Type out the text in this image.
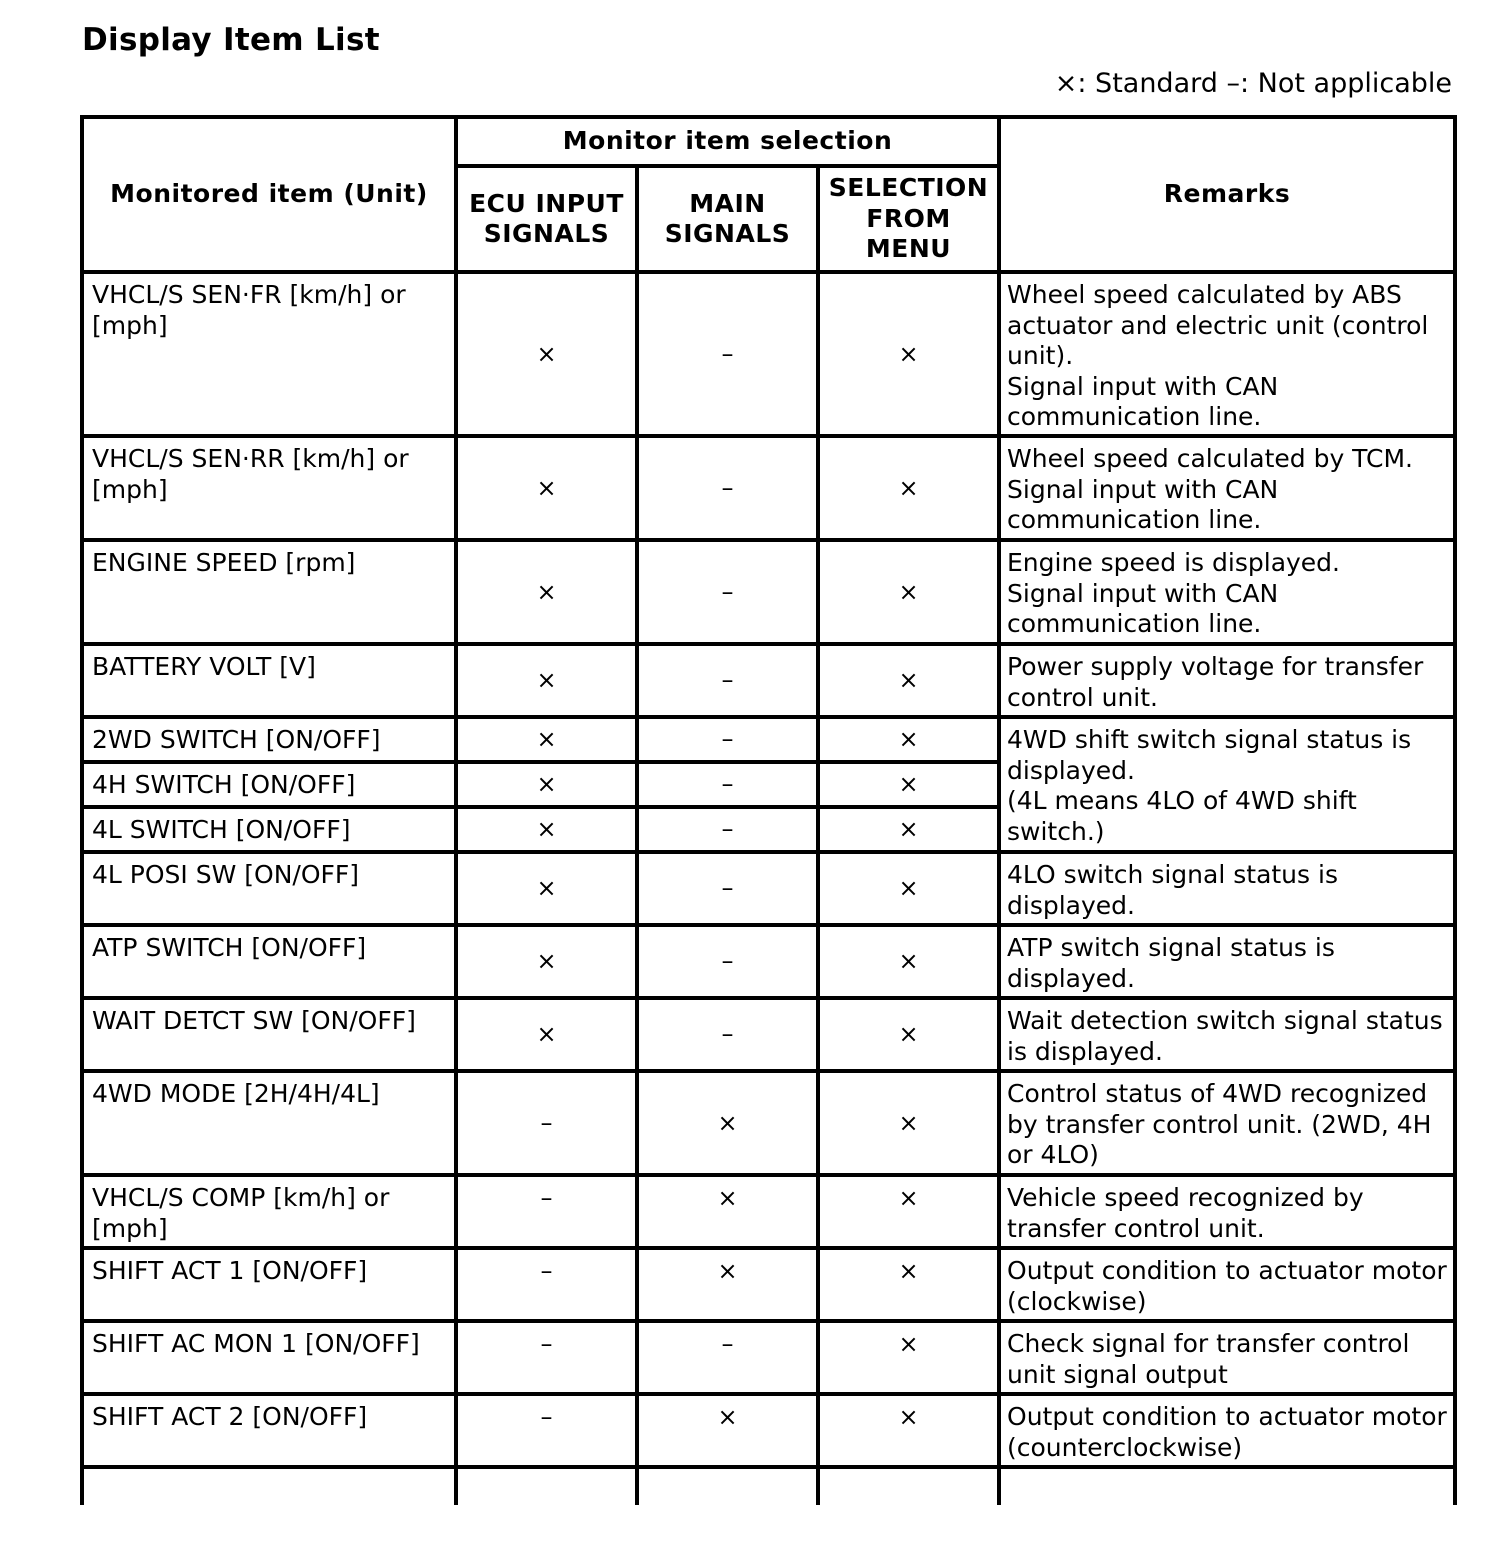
Display Item List
×: Standard –: Not applicable
Monitored item (Unit)	Monitor item selection			Remarks
	ECU INPUT SIGNALS	MAIN SIGNALS	SELECTION FROM MENU	
VHCL/S SEN·FR [km/h] or [mph]	×	–	×	Wheel speed calculated by ABS actuator and electric unit (control unit).
Signal input with CAN communication line.
VHCL/S SEN·RR [km/h] or [mph]	×	–	×	Wheel speed calculated by TCM.
Signal input with CAN communication line.
ENGINE SPEED [rpm]	×	–	×	Engine speed is displayed.
Signal input with CAN communication line.
BATTERY VOLT [V]	×	–	×	Power supply voltage for transfer control unit.
2WD SWITCH [ON/OFF]	×	–	×	4WD shift switch signal status is displayed.
(4L means 4LO of 4WD shift switch.)
4H SWITCH [ON/OFF]	×	–	×	
4L SWITCH [ON/OFF]	×	–	×	
4L POSI SW [ON/OFF]	×	–	×	4LO switch signal status is displayed.
ATP SWITCH [ON/OFF]	×	–	×	ATP switch signal status is displayed.
WAIT DETCT SW [ON/OFF]	×	–	×	Wait detection switch signal status is displayed.
4WD MODE [2H/4H/4L]	–	×	×	Control status of 4WD recognized by transfer control unit. (2WD, 4H or 4LO)
VHCL/S COMP [km/h] or [mph]	–	×	×	Vehicle speed recognized by transfer control unit.
SHIFT ACT 1 [ON/OFF]	–	×	×	Output condition to actuator motor (clockwise)
SHIFT AC MON 1 [ON/OFF]	–	–	×	Check signal for transfer control unit signal output
SHIFT ACT 2 [ON/OFF]	–	×	×	Output condition to actuator motor (counterclockwise)
